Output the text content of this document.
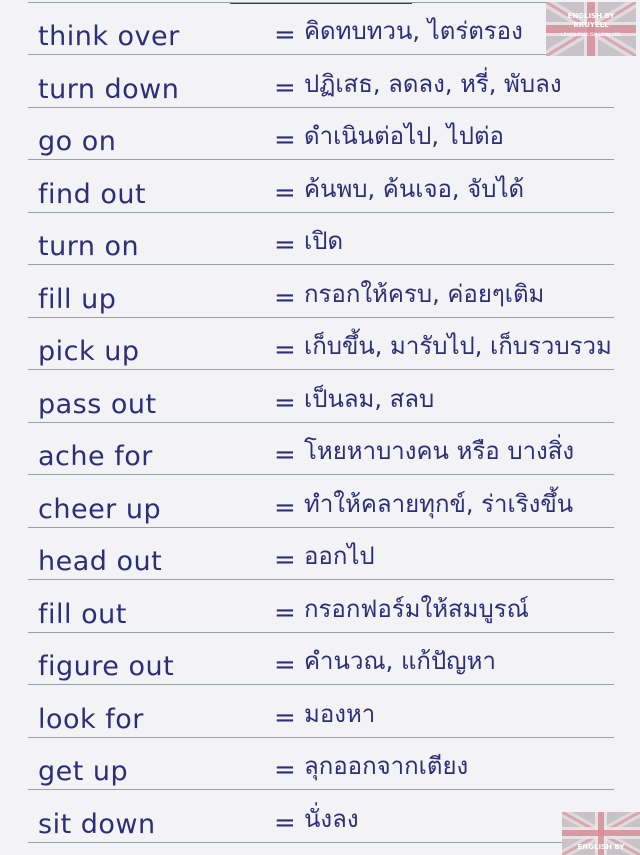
think over	= คิดทบทวน, ไตร่ตรอง
turn down	= ปฏิเสธ, ลดลง, หรี่, พับลง
go on	= ดำเนินต่อไป, ไปต่อ
find out	= ค้นพบ, ค้นเจอ, จับได้
turn on	= เปิด
fill up	= กรอกให้ครบ, ค่อยๆเติม
pick up	= เก็บขึ้น, มารับไป, เก็บรวบรวม
pass out	= เป็นลม, สลบ
ache for	= โหยหาบางคน หรือ บางสิ่ง
cheer up	= ทำให้คลายทุกข์, ร่าเริงขึ้น
head out	= ออกไป
fill out	= กรอกฟอร์มให้สมบูรณ์
figure out	= คำนวณ, แก้ปัญหา
look for	= มองหา
get up	= ลุกออกจากเตียง
sit down	= นั่งลง
ENGLISH BY
KRUYELL
LEARN ENGLISH LEAN ARE
ENGLISH BY
